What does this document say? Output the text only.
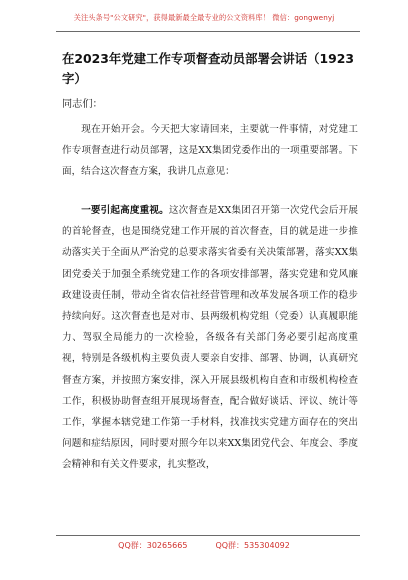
关注头条号"公文研究"，获得最新最全最专业的公文资料库！ 微信：gongwenyj
在2023年党建工作专项督查动员部署会讲话（1923字）

同志们：

现在开始开会。今天把大家请回来，主要就一件事情，对党建工作专项督查进行动员部署，这是XX集团党委作出的一项重要部署。下面，结合这次督查方案，我讲几点意见：

一要引起高度重视。这次督查是XX集团召开第一次党代会后开展的首轮督查，也是围绕党建工作开展的首次督查，目的就是进一步推动落实关于全面从严治党的总要求落实省委有关决策部署，落实XX集团党委关于加强全系统党建工作的各项安排部署，落实党建和党风廉政建设责任制，带动全省农信社经营管理和改革发展各项工作的稳步持续向好。这次督查也是对市、县两级机构党组（党委）认真履职能力、驾驭全局能力的一次检验，各级各有关部门务必要引起高度重视，特别是各级机构主要负责人要亲自安排、部署、协调，认真研究督查方案，并按照方案安排，深入开展县级机构自查和市级机构检查工作，积极协助督查组开展现场督查，配合做好谈话、评议、统计等工作，掌握本辖党建工作第一手材料，找准找实党建方面存在的突出问题和症结原因，同时要对照今年以来XX集团党代会、年度会、季度会精神和有关文件要求，扎实整改，

QQ群：30265665	QQ群：535304092
